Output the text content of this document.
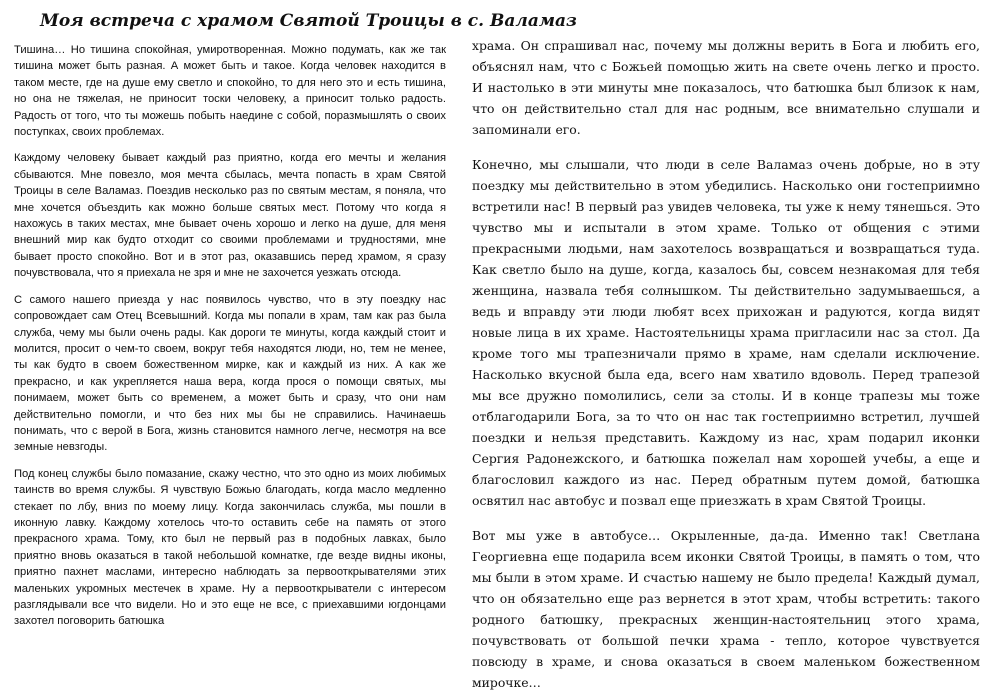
Моя встреча с храмом Святой Троицы в с. Валамаз

Тишина… Но тишина спокойная, умиротворенная. Можно подумать, как же так тишина может быть разная. А может быть и такое. Когда человек находится в таком месте, где на душе ему светло и спокойно, то для него это и есть тишина, но она не тяжелая, не приносит тоски человеку, а приносит только радость. Радость от того, что ты можешь побыть наедине с собой, поразмышлять о своих поступках, своих проблемах.

Каждому человеку бывает каждый раз приятно, когда его мечты и желания сбываются. Мне повезло, моя мечта сбылась, мечта попасть в храм Святой Троицы в селе Валамаз. Поездив несколько раз по святым местам, я поняла, что мне хочется объездить как можно больше святых мест. Потому что когда я нахожусь в таких местах, мне бывает очень хорошо и легко на душе, для меня внешний мир как будто отходит со своими проблемами и трудностями, мне бывает просто спокойно. Вот и в этот раз, оказавшись перед храмом, я сразу почувствовала, что я приехала не зря и мне не захочется уезжать отсюда.

С самого нашего приезда у нас появилось чувство, что в эту поездку нас сопровождает сам Отец Всевышний. Когда мы попали в храм, там как раз была служба, чему мы были очень рады. Как дороги те минуты, когда каждый стоит и молится, просит о чем-то своем, вокруг тебя находятся люди, но, тем не менее, ты как будто в своем божественном мирке, как и каждый из них. А как же прекрасно, и как укрепляется наша вера, когда прося о помощи святых, мы понимаем, может быть со временем, а может быть и сразу, что они нам действительно помогли, и что без них мы бы не справились. Начинаешь понимать, что с верой в Бога, жизнь становится намного легче, несмотря на все земные невзгоды.

Под конец службы было помазание, скажу честно, что это одно из моих любимых таинств во время службы. Я чувствую Божью благодать, когда масло медленно стекает по лбу, вниз по моему лицу. Когда закончилась служба, мы пошли в иконную лавку. Каждому хотелось что-то оставить себе на память от этого прекрасного храма. Тому, кто был не первый раз в подобных лавках, было приятно вновь оказаться в такой небольшой комнатке, где везде видны иконы, приятно пахнет маслами, интересно наблюдать за первооткрывателями этих маленьких укромных местечек в храме. Ну а первооткрыватели с интересом разглядывали все что видели. Но и это еще не все, с приехавшими югдонцами захотел поговорить батюшка

храма. Он спрашивал нас, почему мы должны верить в Бога и любить его, объяснял нам, что с Божьей помощью жить на свете очень легко и просто. И настолько в эти минуты мне показалось, что батюшка был близок к нам, что он действительно стал для нас родным, все внимательно слушали и запоминали его.

Конечно, мы слышали, что люди в селе Валамаз очень добрые, но в эту поездку мы действительно в этом убедились. Насколько они гостеприимно встретили нас! В первый раз увидев человека, ты уже к нему тянешься. Это чувство мы и испытали в этом храме. Только от общения с этими прекрасными людьми, нам захотелось возвращаться и возвращаться туда. Как светло было на душе, когда, казалось бы, совсем незнакомая для тебя женщина, назвала тебя солнышком. Ты действительно задумываешься, а ведь и вправду эти люди любят всех прихожан и радуются, когда видят новые лица в их храме. Настоятельницы храма пригласили нас за стол. Да кроме того мы трапезничали прямо в храме, нам сделали исключение. Насколько вкусной была еда, всего нам хватило вдоволь. Перед трапезой мы все дружно помолились, сели за столы. И в конце трапезы мы тоже отблагодарили Бога, за то что он нас так гостеприимно встретил, лучшей поездки и нельзя представить. Каждому из нас, храм подарил иконки Сергия Радонежского, и батюшка пожелал нам хорошей учебы, а еще и благословил каждого из нас. Перед обратным путем домой, батюшка освятил нас автобус и позвал еще приезжать в храм Святой Троицы.

Вот мы уже в автобусе… Окрыленные, да-да. Именно так! Светлана Георгиевна еще подарила всем иконки Святой Троицы, в память о том, что мы были в этом храме. И счастью нашему не было предела! Каждый думал, что он обязательно еще раз вернется в этот храм, чтобы встретить: такого родного батюшку, прекрасных женщин-настоятельниц этого храма, почувствовать от большой печки храма - тепло, которое чувствуется повсюду в храме, и снова оказаться в своем маленьком божественном мирочке…
